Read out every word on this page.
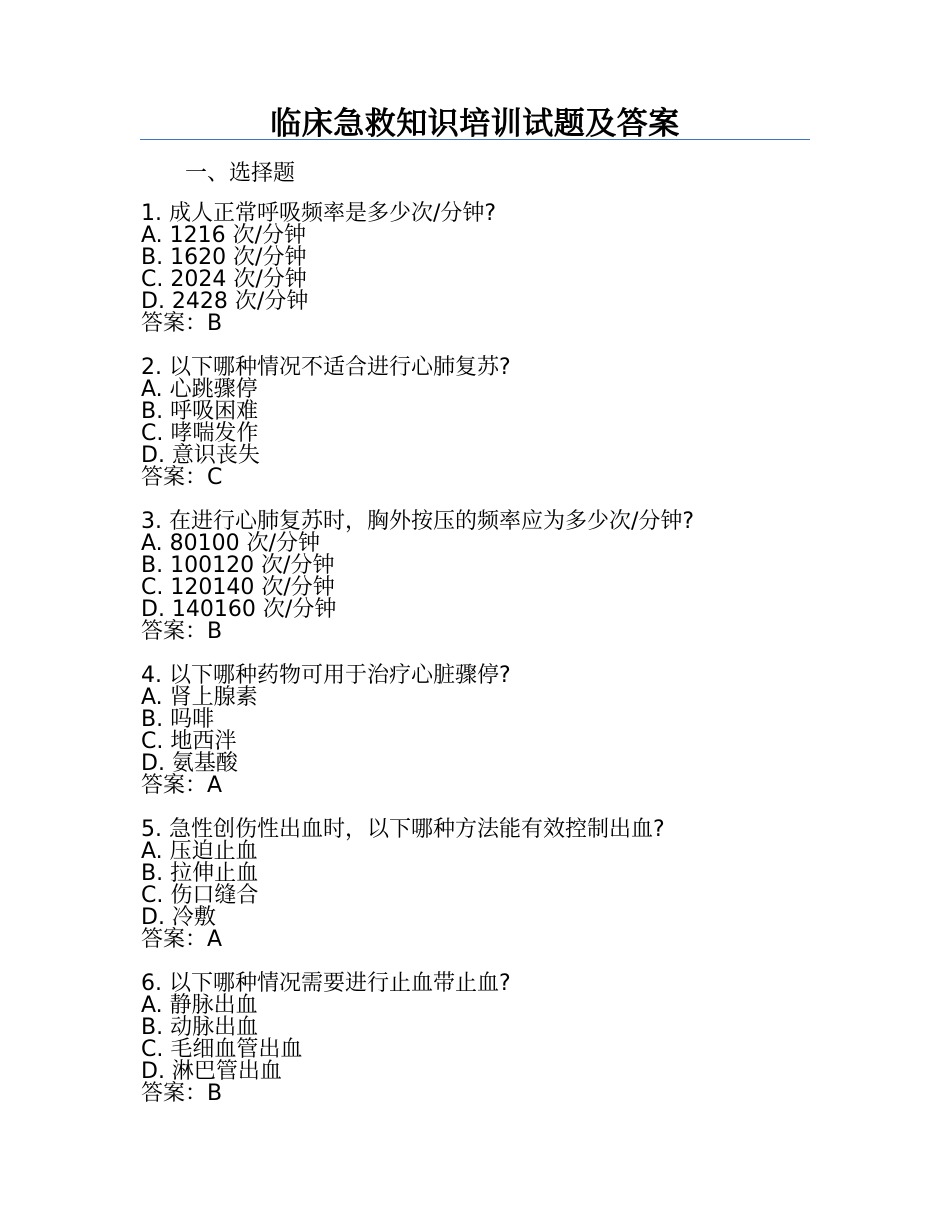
临床急救知识培训试题及答案
一、选择题
1. 成人正常呼吸频率是多少次/分钟?
A. 1216 次/分钟
B. 1620 次/分钟
C. 2024 次/分钟
D. 2428 次/分钟
答案：B
2. 以下哪种情况不适合进行心肺复苏?
A. 心跳骤停
B. 呼吸困难
C. 哮喘发作
D. 意识丧失
答案：C
3. 在进行心肺复苏时，胸外按压的频率应为多少次/分钟?
A. 80100 次/分钟
B. 100120 次/分钟
C. 120140 次/分钟
D. 140160 次/分钟
答案：B
4. 以下哪种药物可用于治疗心脏骤停?
A. 肾上腺素
B. 吗啡
C. 地西泮
D. 氨基酸
答案：A
5. 急性创伤性出血时，以下哪种方法能有效控制出血?
A. 压迫止血
B. 拉伸止血
C. 伤口缝合
D. 冷敷
答案：A
6. 以下哪种情况需要进行止血带止血?
A. 静脉出血
B. 动脉出血
C. 毛细血管出血
D. 淋巴管出血
答案：B
